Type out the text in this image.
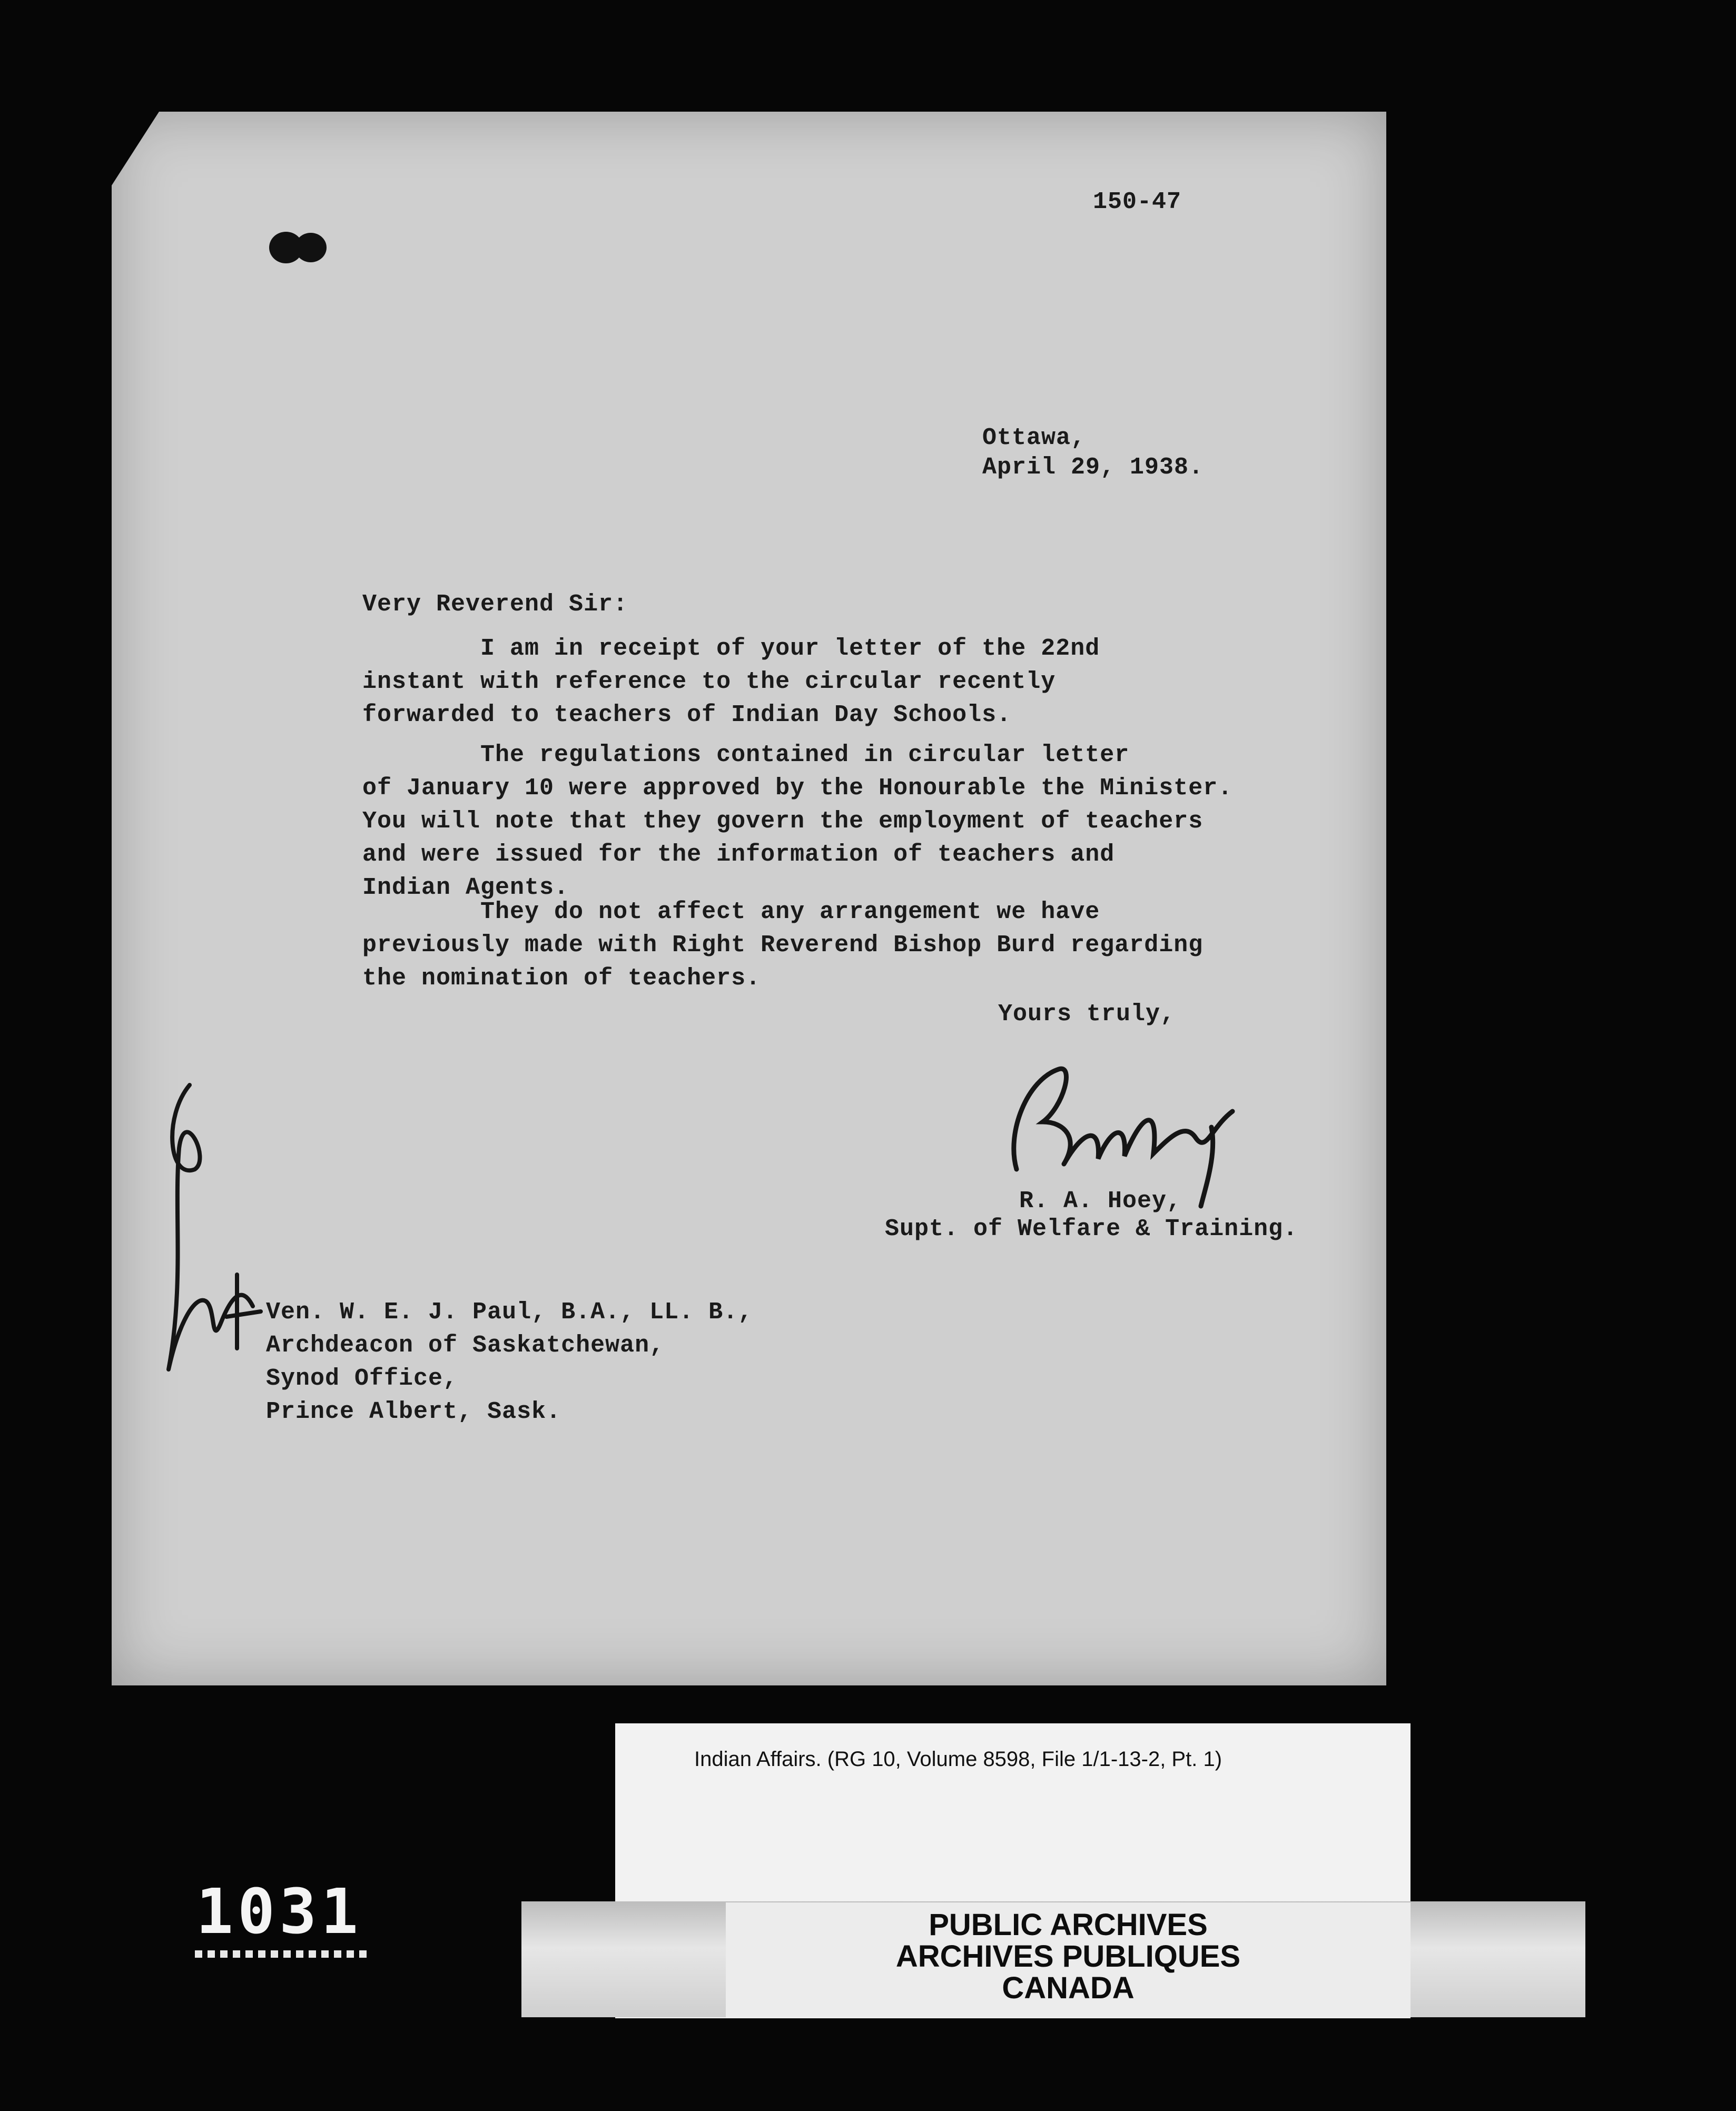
150-47
Ottawa,
April 29, 1938.
Very Reverend Sir:
I am in receipt of your letter of the 22nd
instant with reference to the circular recently
forwarded to teachers of Indian Day Schools.
The regulations contained in circular letter
of January 10 were approved by the Honourable the Minister.
You will note that they govern the employment of teachers
and were issued for the information of teachers and
Indian Agents.
They do not affect any arrangement we have
previously made with Right Reverend Bishop Burd regarding
the nomination of teachers.
Yours truly,
R. A. Hoey,
Supt. of Welfare & Training.
Ven. W. E. J. Paul, B.A., LL. B.,
Archdeacon of Saskatchewan,
Synod Office,
Prince Albert, Sask.
Indian Affairs. (RG 10, Volume 8598, File 1/1-13-2, Pt. 1)
PUBLIC ARCHIVES
ARCHIVES PUBLIQUES
CANADA
1031
